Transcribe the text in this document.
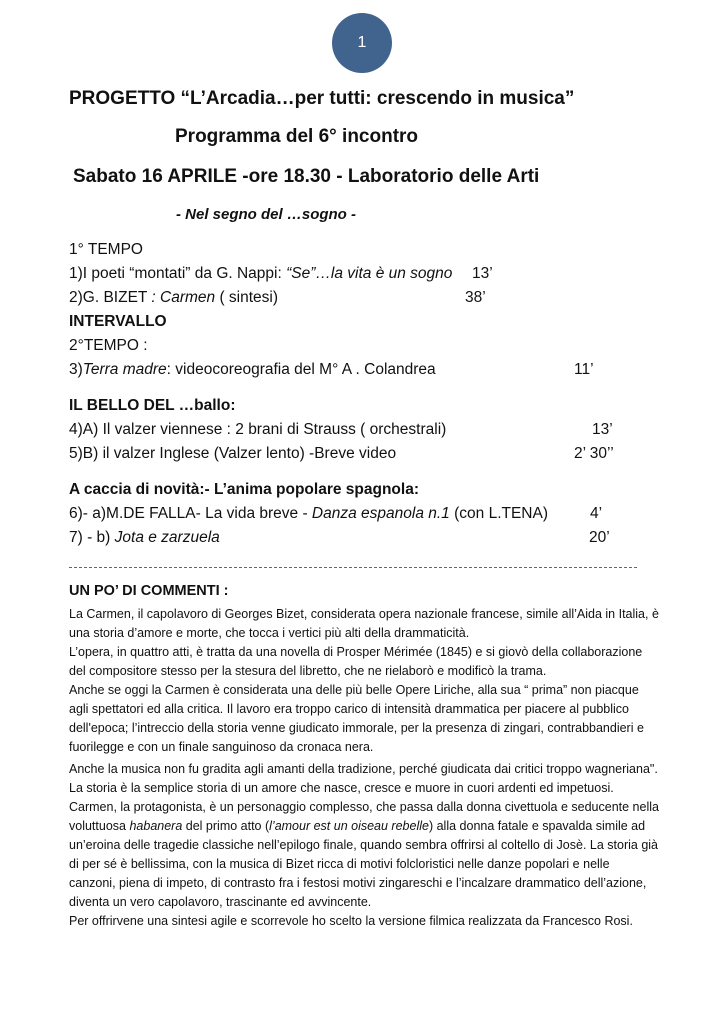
1
PROGETTO “L’Arcadia…per tutti: crescendo in musica”
Programma del 6° incontro
Sabato 16 APRILE -ore 18.30 - Laboratorio delle Arti
- Nel segno del …sogno -
1° TEMPO
1)I poeti “montati” da G. Nappi: “Se”…la vita è un sogno 13’
2)G. BIZET : Carmen ( sintesi)	38’
INTERVALLO
2°TEMPO :
3)Terra madre: videocoreografia del M° A . Colandrea	11’
IL BELLO DEL …ballo:
4)A) Il valzer viennese : 2 brani di Strauss ( orchestrali)	13’
5)B) il valzer Inglese (Valzer lento) -Breve video	2’ 30’’
A caccia di novità:- L’anima popolare spagnola:
6)- a)M.DE FALLA- La vida breve - Danza espanola n.1 (con L.TENA)	4’
7) - b) Jota e zarzuela	20’
UN PO’ DI COMMENTI :
La Carmen, il capolavoro di Georges Bizet, considerata opera nazionale francese, simile all’Aida in Italia, è una storia d’amore e morte, che tocca i vertici più alti della drammaticità.
L’opera, in quattro atti, è tratta da una novella di Prosper Mérimée (1845) e si giovò della collaborazione del compositore stesso per la stesura del libretto, che ne rielaborò e modificò la trama.
Anche se oggi la Carmen è considerata una delle più belle Opere Liriche, alla sua “ prima” non piacque agli spettatori ed alla critica. Il lavoro era troppo carico di intensità drammatica per piacere al pubblico dell'epoca; l’intreccio della storia venne giudicato immorale, per la presenza di zingari, contrabbandieri e fuorilegge e con un finale sanguinoso da cronaca nera.
Anche la musica non fu gradita agli amanti della tradizione, perché giudicata dai critici troppo wagneriana".
La storia è la semplice storia di un amore che nasce, cresce e muore in cuori ardenti ed impetuosi. Carmen, la protagonista, è un personaggio complesso, che passa dalla donna civettuola e seducente nella voluttuosa habanera del primo atto (l’amour est un oiseau rebelle) alla donna fatale e spavalda simile ad un’eroina delle tragedie classiche nell’epilogo finale, quando sembra offrirsi al coltello di Josè. La storia già di per sé è bellissima, con la musica di Bizet ricca di motivi folcloristici nelle danze popolari e nelle canzoni, piena di impeto, di contrasto fra i festosi motivi zingareschi e l’incalzare drammatico dell’azione, diventa un vero capolavoro, trascinante ed avvincente.
Per offrirvene una sintesi agile e scorrevole ho scelto la versione filmica realizzata da Francesco Rosi.
